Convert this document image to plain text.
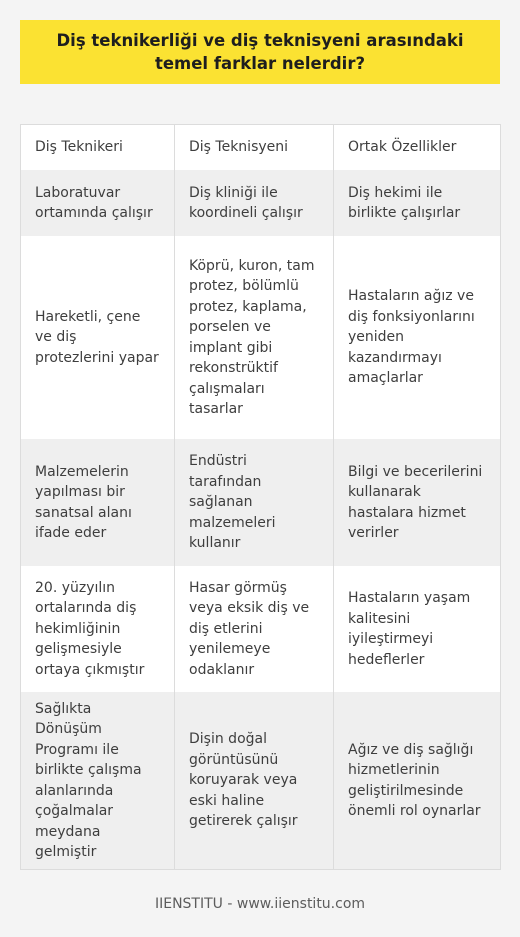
Diş teknikerliği ve diş teknisyeni arasındaki temel farklar nelerdir?
Diş Teknikeri	Diş Teknisyeni	Ortak Özellikler
Laboratuvar ortamında çalışır	Diş kliniği ile koordineli çalışır	Diş hekimi ile birlikte çalışırlar
Hareketli, çene ve diş protezlerini yapar	Köprü, kuron, tam protez, bölümlü protez, kaplama, porselen ve implant gibi rekonstrüktif çalışmaları tasarlar	Hastaların ağız ve diş fonksiyonlarını yeniden kazandırmayı amaçlarlar
Malzemelerin yapılması bir sanatsal alanı ifade eder	Endüstri tarafından sağlanan malzemeleri kullanır	Bilgi ve becerilerini kullanarak hastalara hizmet verirler
20. yüzyılın ortalarında diş hekimliğinin gelişmesiyle ortaya çıkmıştır	Hasar görmüş veya eksik diş ve diş etlerini yenilemeye odaklanır	Hastaların yaşam kalitesini iyileştirmeyi hedeflerler
Sağlıkta Dönüşüm Programı ile birlikte çalışma alanlarında çoğalmalar meydana gelmiştir	Dişin doğal görüntüsünü koruyarak veya eski haline getirerek çalışır	Ağız ve diş sağlığı hizmetlerinin geliştirilmesinde önemli rol oynarlar
IIENSTITU - www.iienstitu.com
